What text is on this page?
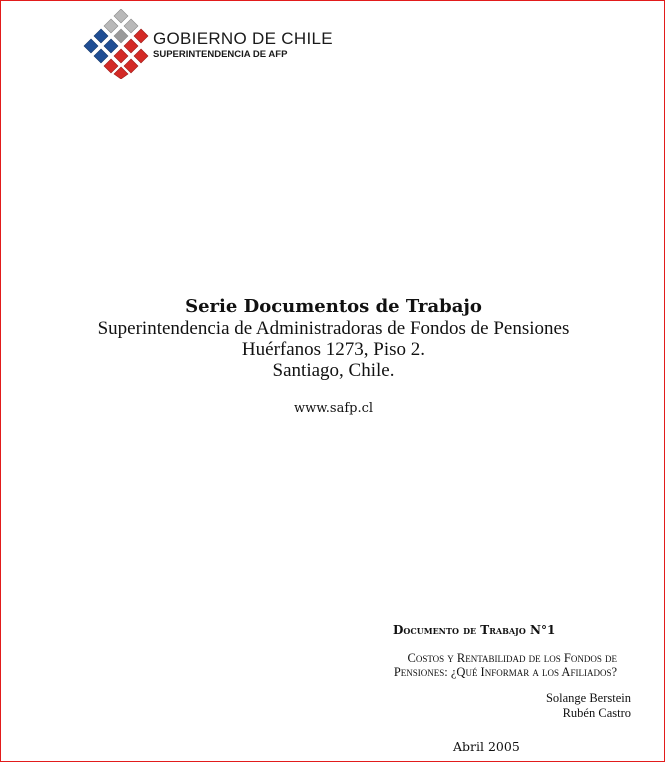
GOBIERNO DE CHILE
SUPERINTENDENCIA DE AFP
Serie Documentos de Trabajo
Superintendencia de Administradoras de Fondos de Pensiones
Huérfanos 1273, Piso 2.
Santiago, Chile.
www.safp.cl
Documento de Trabajo N°1
Costos y Rentabilidad de los Fondos de
Pensiones: ¿Qué Informar a los Afiliados?
Solange Berstein
Rubén Castro
Abril 2005
